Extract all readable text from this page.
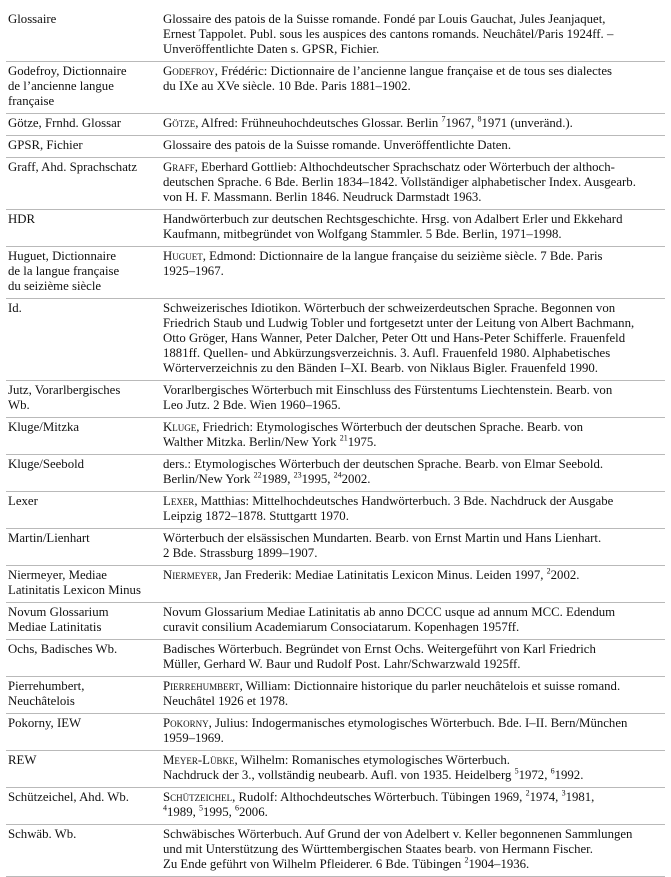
Glossaire	Glossaire des patois de la Suisse romande. Fondé par Louis Gauchat, Jules Jeanjaquet,
Ernest Tappolet. Publ. sous les auspices des cantons romands. Neuchâtel/Paris 1924ff. –
Unveröffentlichte Daten s. GPSR, Fichier.

Godefroy, Dictionnaire
de l’ancienne langue
française	Godefroy, Frédéric: Dictionnaire de l’ancienne langue française et de tous ses dialectes
du IXe au XVe siècle. 10 Bde. Paris 1881–1902.

Götze, Frnhd. Glossar	Götze, Alfred: Frühneuhochdeutsches Glossar. Berlin $^7$1967, $^8$1971 (unveränd.).

GPSR, Fichier	Glossaire des patois de la Suisse romande. Unveröffentlichte Daten.

Graff, Ahd. Sprachschatz	Graff, Eberhard Gottlieb: Althochdeutscher Sprachschatz oder Wörterbuch der althoch-
deutschen Sprache. 6 Bde. Berlin 1834–1842. Vollständiger alphabetischer Index. Ausgearb.
von H. F. Massmann. Berlin 1846. Neudruck Darmstadt 1963.

HDR	Handwörterbuch zur deutschen Rechtsgeschichte. Hrsg. von Adalbert Erler und Ekkehard
Kaufmann, mitbegründet von Wolfgang Stammler. 5 Bde. Berlin, 1971–1998.

Huguet, Dictionnaire
de la langue française
du seizième siècle	Huguet, Edmond: Dictionnaire de la langue française du seizième siècle. 7 Bde. Paris
1925–1967.

Id.	Schweizerisches Idiotikon. Wörterbuch der schweizerdeutschen Sprache. Begonnen von
Friedrich Staub und Ludwig Tobler und fortgesetzt unter der Leitung von Albert Bachmann,
Otto Gröger, Hans Wanner, Peter Dalcher, Peter Ott und Hans-Peter Schifferle. Frauenfeld
1881ff. Quellen- und Abkürzungsverzeichnis. 3. Aufl. Frauenfeld 1980. Alphabetisches
Wörterverzeichnis zu den Bänden I–XI. Bearb. von Niklaus Bigler. Frauenfeld 1990.

Jutz, Vorarlbergisches
Wb.	Vorarlbergisches Wörterbuch mit Einschluss des Fürstentums Liechtenstein. Bearb. von
Leo Jutz. 2 Bde. Wien 1960–1965.

Kluge/Mitzka	Kluge, Friedrich: Etymologisches Wörterbuch der deutschen Sprache. Bearb. von
Walther Mitzka. Berlin/New York $^{21}$1975.

Kluge/Seebold	ders.: Etymologisches Wörterbuch der deutschen Sprache. Bearb. von Elmar Seebold.
Berlin/New York $^{22}$1989, $^{23}$1995, $^{24}$2002.

Lexer	Lexer, Matthias: Mittelhochdeutsches Handwörterbuch. 3 Bde. Nachdruck der Ausgabe
Leipzig 1872–1878. Stuttgartt 1970.

Martin/Lienhart	Wörterbuch der elsässischen Mundarten. Bearb. von Ernst Martin und Hans Lienhart.
2 Bde. Strassburg 1899–1907.

Niermeyer, Mediae
Latinitatis Lexicon Minus	Niermeyer, Jan Frederik: Mediae Latinitatis Lexicon Minus. Leiden 1997, $^2$2002.

Novum Glossarium
Mediae Latinitatis	Novum Glossarium Mediae Latinitatis ab anno DCCC usque ad annum MCC. Edendum
curavit consilium Academiarum Consociatarum. Kopenhagen 1957ff.

Ochs, Badisches Wb.	Badisches Wörterbuch. Begründet von Ernst Ochs. Weitergeführt von Karl Friedrich
Müller, Gerhard W. Baur und Rudolf Post. Lahr/Schwarzwald 1925ff.

Pierrehumbert,
Neuchâtelois	Pierrehumbert, William: Dictionnaire historique du parler neuchâtelois et suisse romand.
Neuchâtel 1926 et 1978.

Pokorny, IEW	Pokorny, Julius: Indogermanisches etymologisches Wörterbuch. Bde. I–II. Bern/München
1959–1969.

REW	Meyer-Lübke, Wilhelm: Romanisches etymologisches Wörterbuch.
Nachdruck der 3., vollständig neubearb. Aufl. von 1935. Heidelberg $^5$1972, $^6$1992.

Schützeichel, Ahd. Wb.	Schützeichel, Rudolf: Althochdeutsches Wörterbuch. Tübingen 1969, $^2$1974, $^3$1981,
$^4$1989, $^5$1995, $^6$2006.

Schwäb. Wb.	Schwäbisches Wörterbuch. Auf Grund der von Adelbert v. Keller begonnenen Sammlungen
und mit Unterstützung des Württembergischen Staates bearb. von Hermann Fischer.
Zu Ende geführt von Wilhelm Pfleiderer. 6 Bde. Tübingen $^2$1904–1936.
